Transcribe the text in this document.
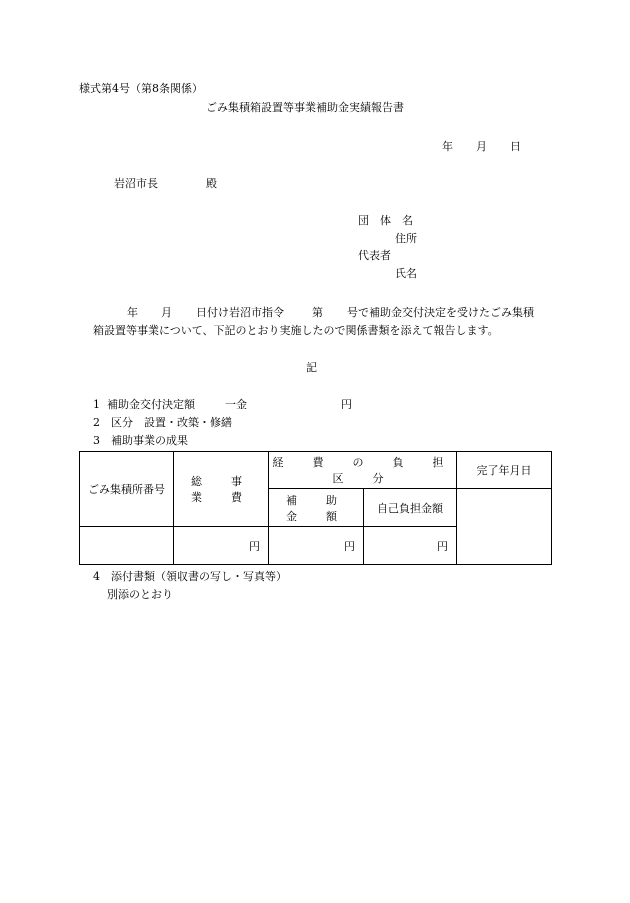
様式第4号（第8条関係）
ごみ集積箱設置等事業補助金実績報告書
年 月 日
岩沼市長	殿
団　体　名
住所
代表者
氏名
年 月 日付け岩沼市指令	第 号で補助金交付決定を受けたごみ集積
箱設置等事業について、下記のとおり実施したので関係書類を添えて報告します。
記
1 補助金交付決定額	一金	円
2　区分　設置・改築・修繕
3　補助事業の成果
ごみ集積所番号	総　事　業　費	経　費　の　負　担　区　分		完了年月日
		補　助　金　額	自己負担金額	
	円	円	円	
4　添付書類（領収書の写し・写真等）
別添のとおり
